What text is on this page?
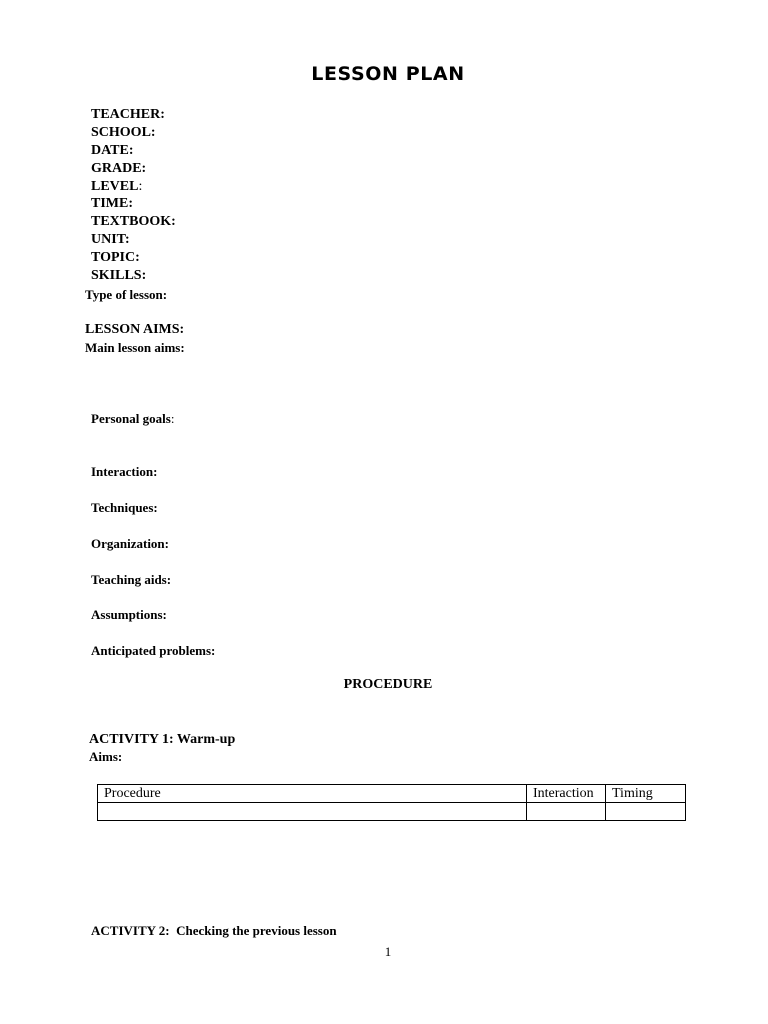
LESSON PLAN
TEACHER:
SCHOOL:
DATE:
GRADE:
LEVEL:
TIME:
TEXTBOOK:
UNIT:
TOPIC:
SKILLS:
Type of lesson:
LESSON AIMS:
Main lesson aims:
Personal goals:
Interaction:
Techniques:
Organization:
Teaching aids:
Assumptions:
Anticipated problems:
PROCEDURE
ACTIVITY 1: Warm-up
Aims:
Procedure	Interaction	Timing

ACTIVITY 2:  Checking the previous lesson
1
